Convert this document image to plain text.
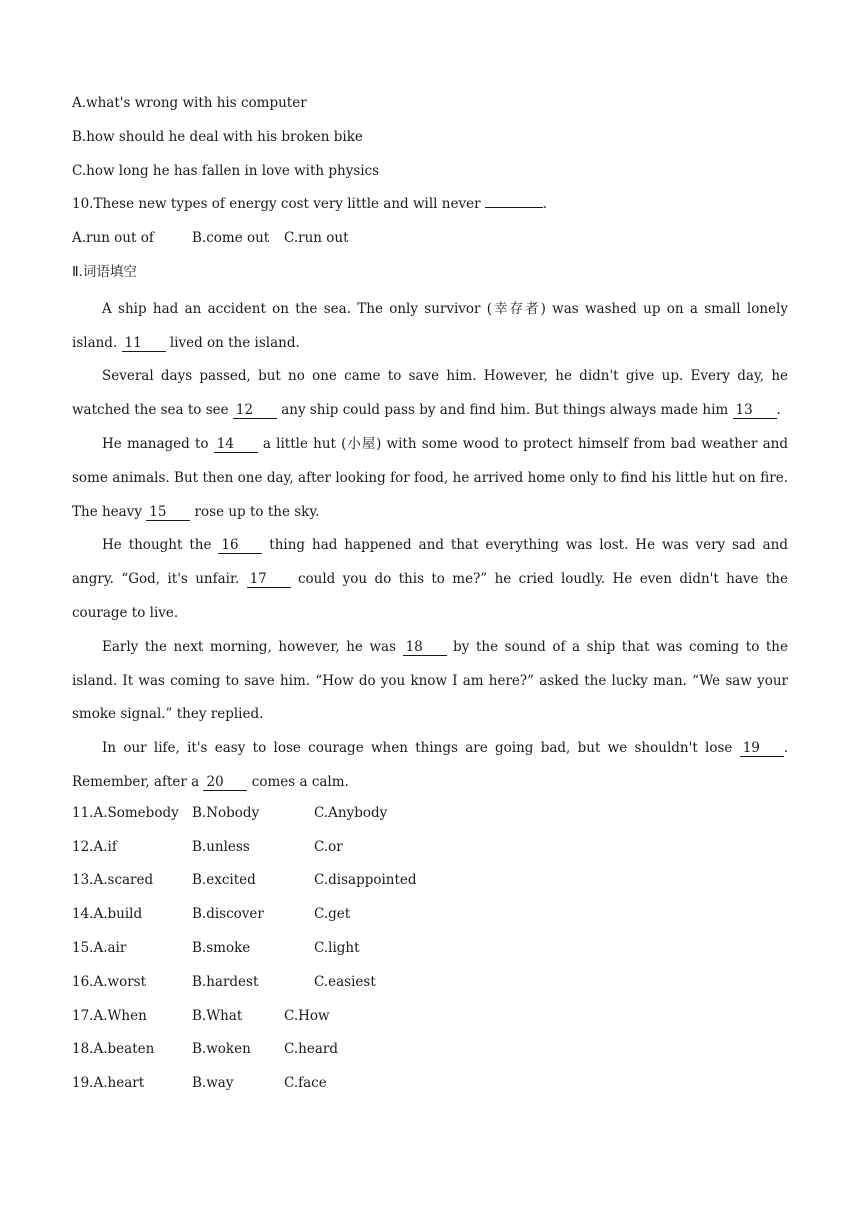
A.what's wrong with his computer
B.how should he deal with his broken bike
C.how long he has fallen in love with physics
10.These new types of energy cost very little and will never	.
A.run out of	B.come out C.run out
Ⅱ.词语填空

A ship had an accident on the sea. The only survivor (幸存者) was washed up on a small lonely island. 11 lived on the island.

Several days passed, but no one came to save him. However, he didn't give up. Every day, he watched the sea to see 12 any ship could pass by and find him. But things always made him 13 .

He managed to 14 a little hut (小屋) with some wood to protect himself from bad weather and some animals. But then one day, after looking for food, he arrived home only to find his little hut on fire. The heavy 15 rose up to the sky.

He thought the 16 thing had happened and that everything was lost. He was very sad and angry. “God, it's unfair. 17 could you do this to me?” he cried loudly. He even didn't have the courage to live.

Early the next morning, however, he was 18 by the sound of a ship that was coming to the island. It was coming to save him. “How do you know I am here?” asked the lucky man. “We saw your smoke signal.” they replied.

In our life, it's easy to lose courage when things are going bad, but we shouldn't lose 19 . Remember, after a 20 comes a calm.

11.A.Somebody B.Nobody	C.Anybody
12.A.if	B.unless	C.or
13.A.scared	B.excited	C.disappointed
14.A.build	B.discover	C.get
15.A.air	B.smoke	C.light
16.A.worst	B.hardest	C.easiest
17.A.When	B.What	C.How
18.A.beaten	B.woken C.heard
19.A.heart	B.way	C.face
